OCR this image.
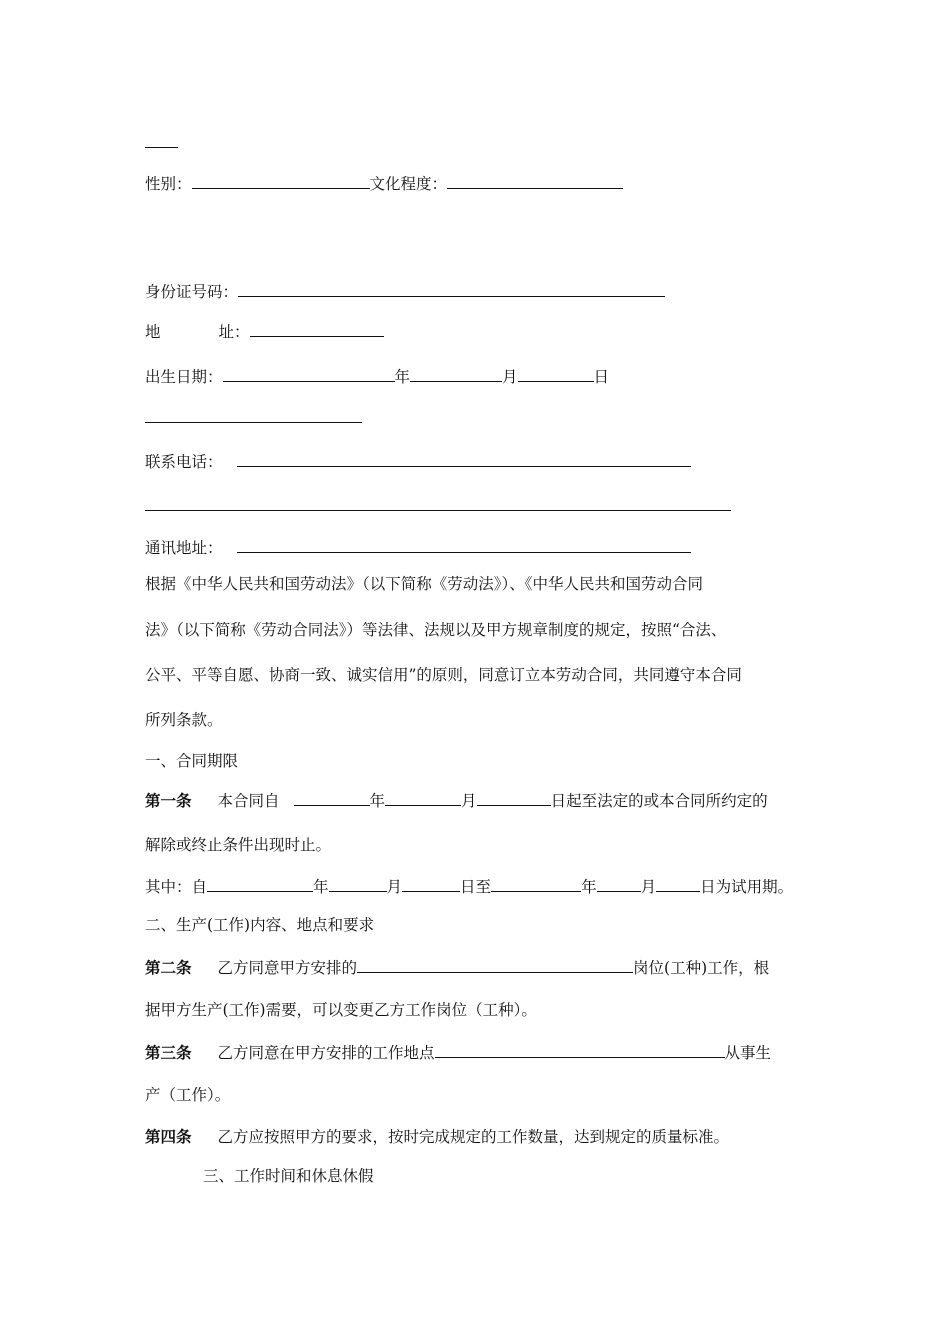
性别：	文化程度：
身份证号码：
地	址：
出生日期：	年	月	日
联系电话：
通讯地址：
根据《中华人民共和国劳动法》（以下简称《劳动法》）、《中华人民共和国劳动合同
法》（以下简称《劳动合同法》）等法律、法规以及甲方规章制度的规定，按照“合法、
公平、平等自愿、协商一致、诚实信用”的原则，同意订立本劳动合同，共同遵守本合同
所列条款。
一、合同期限
第一条 本合同自	年	月	日起至法定的或本合同所约定的
解除或终止条件出现时止。
其中：自	年	月	日至	年	月	日为试用期。
二、生产(工作)内容、地点和要求
第二条 乙方同意甲方安排的	岗位(工种)工作，根
据甲方生产(工作)需要，可以变更乙方工作岗位（工种）。
第三条 乙方同意在甲方安排的工作地点	从事生
产（工作）。
第四条 乙方应按照甲方的要求，按时完成规定的工作数量，达到规定的质量标准。
三、工作时间和休息休假
